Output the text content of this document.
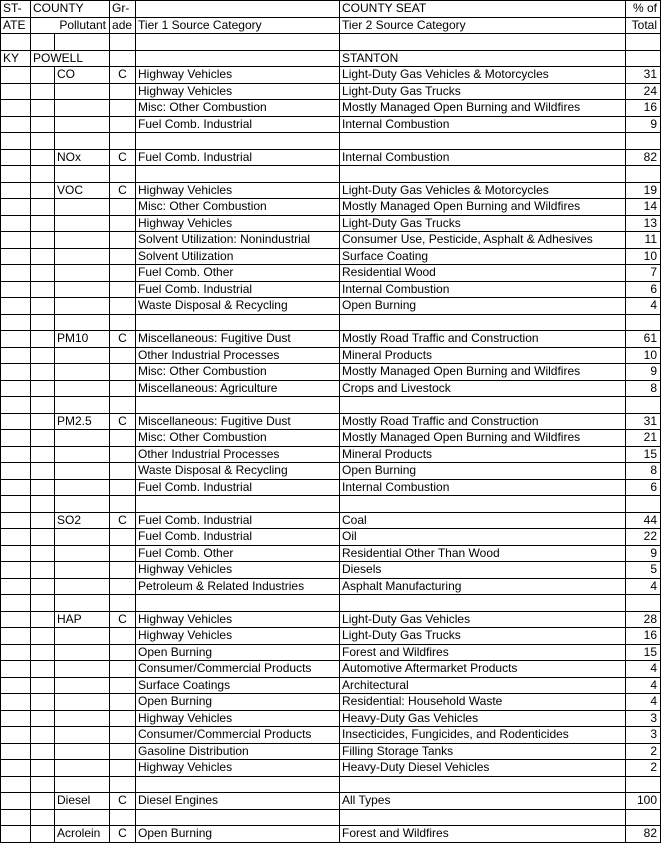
ST-	COUNTY		Gr-		COUNTY SEAT	% of
ATE	Pollutant		ade	Tier 1 Source Category	Tier 2 Source Category	Total

KY	POWELL				STANTON	
		CO	C	Highway Vehicles	Light-Duty Gas Vehicles & Motorcycles	31
				Highway Vehicles	Light-Duty Gas Trucks	24
				Misc: Other Combustion	Mostly Managed Open Burning and Wildfires	16
				Fuel Comb. Industrial	Internal Combustion	9

		NOx	C	Fuel Comb. Industrial	Internal Combustion	82

		VOC	C	Highway Vehicles	Light-Duty Gas Vehicles & Motorcycles	19
				Misc: Other Combustion	Mostly Managed Open Burning and Wildfires	14
				Highway Vehicles	Light-Duty Gas Trucks	13
				Solvent Utilization: Nonindustrial	Consumer Use, Pesticide, Asphalt & Adhesives	11
				Solvent Utilization	Surface Coating	10
				Fuel Comb. Other	Residential Wood	7
				Fuel Comb. Industrial	Internal Combustion	6
				Waste Disposal & Recycling	Open Burning	4

		PM10	C	Miscellaneous: Fugitive Dust	Mostly Road Traffic and Construction	61
				Other Industrial Processes	Mineral Products	10
				Misc: Other Combustion	Mostly Managed Open Burning and Wildfires	9
				Miscellaneous: Agriculture	Crops and Livestock	8

		PM2.5	C	Miscellaneous: Fugitive Dust	Mostly Road Traffic and Construction	31
				Misc: Other Combustion	Mostly Managed Open Burning and Wildfires	21
				Other Industrial Processes	Mineral Products	15
				Waste Disposal & Recycling	Open Burning	8
				Fuel Comb. Industrial	Internal Combustion	6

		SO2	C	Fuel Comb. Industrial	Coal	44
				Fuel Comb. Industrial	Oil	22
				Fuel Comb. Other	Residential Other Than Wood	9
				Highway Vehicles	Diesels	5
				Petroleum & Related Industries	Asphalt Manufacturing	4

		HAP	C	Highway Vehicles	Light-Duty Gas Vehicles	28
				Highway Vehicles	Light-Duty Gas Trucks	16
				Open Burning	Forest and Wildfires	15
				Consumer/Commercial Products	Automotive Aftermarket Products	4
				Surface Coatings	Architectural	4
				Open Burning	Residential: Household Waste	4
				Highway Vehicles	Heavy-Duty Gas Vehicles	3
				Consumer/Commercial Products	Insecticides, Fungicides, and Rodenticides	3
				Gasoline Distribution	Filling Storage Tanks	2
				Highway Vehicles	Heavy-Duty Diesel Vehicles	2

		Diesel	C	Diesel Engines	All Types	100

		Acrolein	C	Open Burning	Forest and Wildfires	82
